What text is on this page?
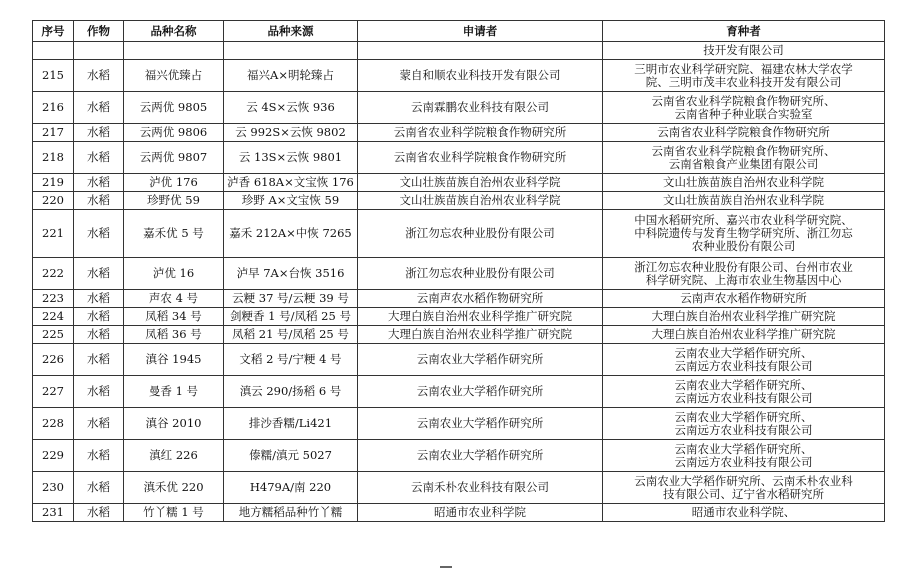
序号	作物	品种名称	品种来源	申请者	育种者

					技开发有限公司

215	水稻	福兴优臻占	福兴A×明轮臻占	蒙自和顺农业科技开发有限公司	三明市农业科学研究院、福建农林大学农学
院、三明市茂丰农业科技开发有限公司

216	水稻	云两优 9805	云 4S×云恢 936	云南霖鹏农业科技有限公司	云南省农业科学院粮食作物研究所、
云南省种子种业联合实验室

217	水稻	云两优 9806	云 992S×云恢 9802	云南省农业科学院粮食作物研究所	云南省农业科学院粮食作物研究所

218	水稻	云两优 9807	云 13S×云恢 9801	云南省农业科学院粮食作物研究所	云南省农业科学院粮食作物研究所、
云南省粮食产业集团有限公司

219	水稻	泸优 176	泸香 618A×文宝恢 176	文山壮族苗族自治州农业科学院	文山壮族苗族自治州农业科学院

220	水稻	珍野优 59	珍野 A×文宝恢 59	文山壮族苗族自治州农业科学院	文山壮族苗族自治州农业科学院

221	水稻	嘉禾优 5 号	嘉禾 212A×中恢 7265	浙江勿忘农种业股份有限公司	中国水稻研究所、嘉兴市农业科学研究院、
中科院遗传与发育生物学研究所、浙江勿忘
农种业股份有限公司

222	水稻	泸优 16	泸早 7A×台恢 3516	浙江勿忘农种业股份有限公司	浙江勿忘农种业股份有限公司、台州市农业
科学研究院、上海市农业生物基因中心

223	水稻	声农 4 号	云粳 37 号/云粳 39 号	云南声农水稻作物研究所	云南声农水稻作物研究所

224	水稻	凤稻 34 号	剑粳香 1 号/凤稻 25 号	大理白族自治州农业科学推广研究院	大理白族自治州农业科学推广研究院

225	水稻	凤稻 36 号	凤稻 21 号/凤稻 25 号	大理白族自治州农业科学推广研究院	大理白族自治州农业科学推广研究院

226	水稻	滇谷 1945	文稻 2 号/宁粳 4 号	云南农业大学稻作研究所	云南农业大学稻作研究所、
云南远方农业科技有限公司

227	水稻	曼香 1 号	滇云 290/扬稻 6 号	云南农业大学稻作研究所	云南农业大学稻作研究所、
云南远方农业科技有限公司

228	水稻	滇谷 2010	排沙香糯/Li421	云南农业大学稻作研究所	云南农业大学稻作研究所、
云南远方农业科技有限公司

229	水稻	滇红 226	傣糯/滇元 5027	云南农业大学稻作研究所	云南农业大学稻作研究所、
云南远方农业科技有限公司

230	水稻	滇禾优 220	H479A/南 220	云南禾朴农业科技有限公司	云南农业大学稻作研究所、云南禾朴农业科
技有限公司、辽宁省水稻研究所

231	水稻	竹丫糯 1 号	地方糯稻品种竹丫糯	昭通市农业科学院	昭通市农业科学院、
